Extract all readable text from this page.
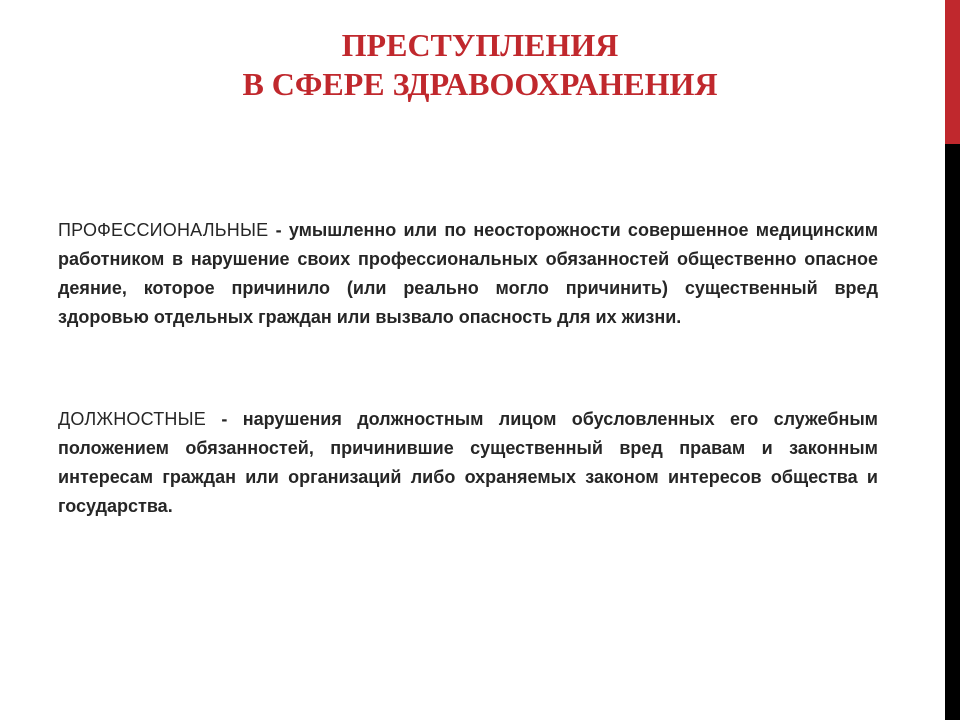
ПРЕСТУПЛЕНИЯ
В СФЕРЕ ЗДРАВООХРАНЕНИЯ

ПРОФЕССИОНАЛЬНЫЕ - умышленно или по неосторожности совершенное медицинским работником в нарушение своих профессиональных обязанностей общественно опасное деяние, которое причинило (или реально могло причинить) существенный вред здоровью отдельных граждан или вызвало опасность для их жизни.

ДОЛЖНОСТНЫЕ - нарушения должностным лицом обусловленных его служебным положением обязанностей, причинившие существенный вред правам и законным интересам граждан или организаций либо охраняемых законом интересов общества и государства.
